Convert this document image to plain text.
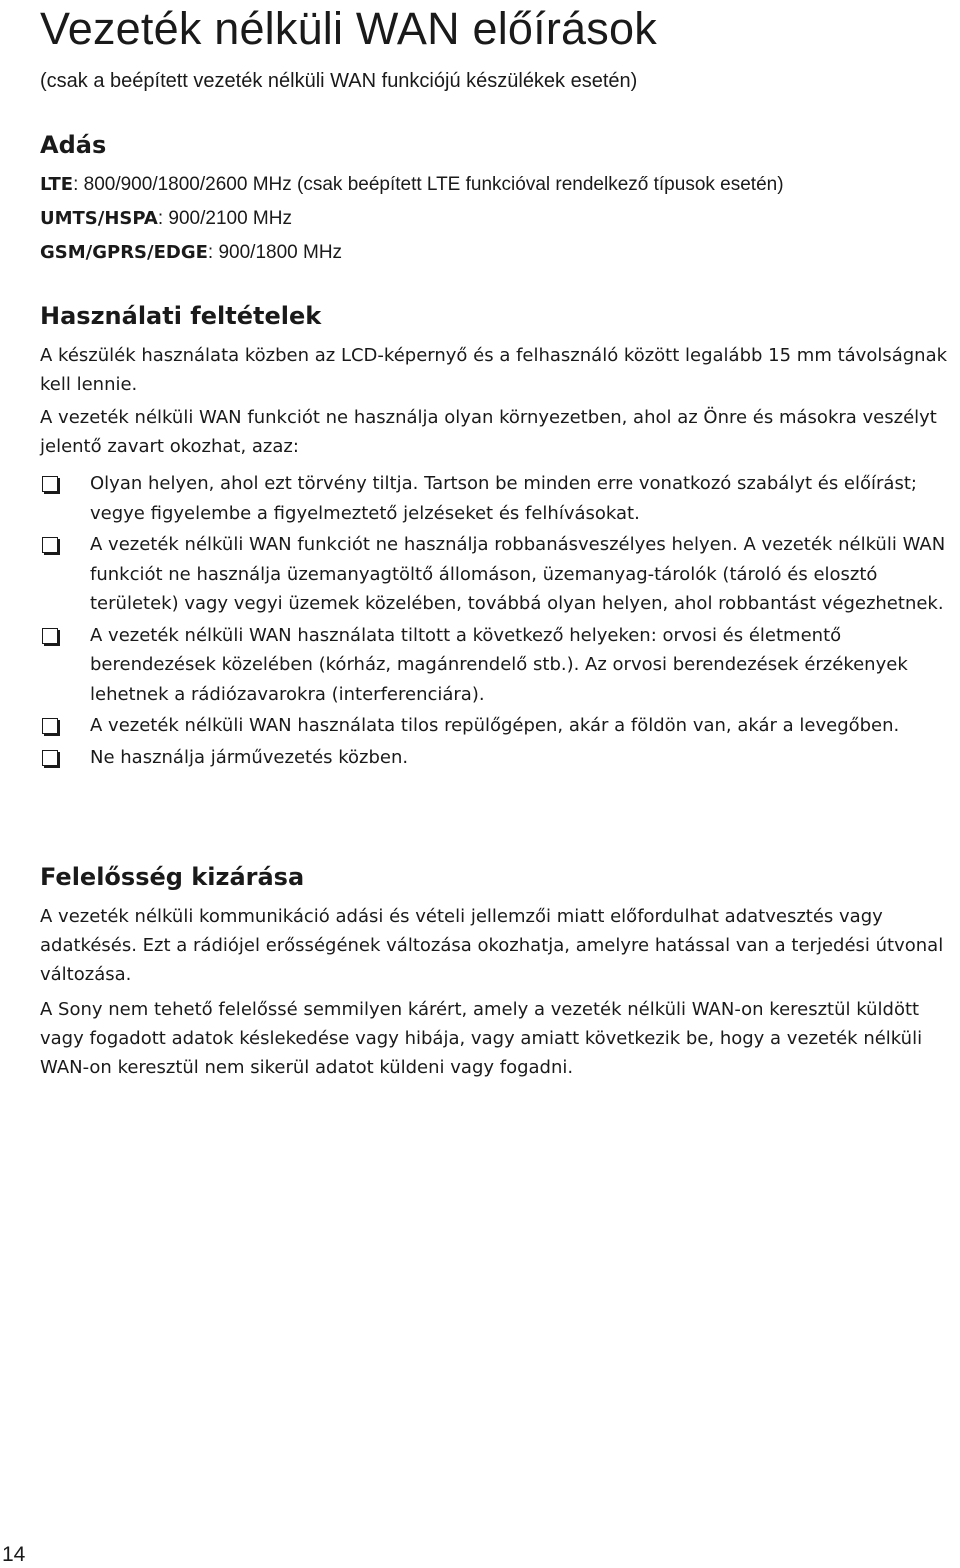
Vezeték nélküli WAN előírások

(csak a beépített vezeték nélküli WAN funkciójú készülékek esetén)

Adás

LTE: 800/900/1800/2600 MHz (csak beépített LTE funkcióval rendelkező típusok esetén)

UMTS/HSPA: 900/2100 MHz

GSM/GPRS/EDGE: 900/1800 MHz

Használati feltételek

A készülék használata közben az LCD-képernyő és a felhasználó között legalább 15 mm távolságnak kell lennie.

A vezeték nélküli WAN funkciót ne használja olyan környezetben, ahol az Önre és másokra veszélyt jelentő zavart okozhat, azaz:

Olyan helyen, ahol ezt törvény tiltja. Tartson be minden erre vonatkozó szabályt és előírást; vegye figyelembe a figyelmeztető jelzéseket és felhívásokat.
A vezeték nélküli WAN funkciót ne használja robbanásveszélyes helyen. A vezeték nélküli WAN funkciót ne használja üzemanyagtöltő állomáson, üzemanyag-tárolók (tároló és elosztó területek) vagy vegyi üzemek közelében, továbbá olyan helyen, ahol robbantást végezhetnek.
A vezeték nélküli WAN használata tiltott a következő helyeken: orvosi és életmentő berendezések közelében (kórház, magánrendelő stb.). Az orvosi berendezések érzékenyek lehetnek a rádiózavarokra (interferenciára).
A vezeték nélküli WAN használata tilos repülőgépen, akár a földön van, akár a levegőben.
Ne használja járművezetés közben.
Felelősség kizárása

A vezeték nélküli kommunikáció adási és vételi jellemzői miatt előfordulhat adatvesztés vagy adatkésés. Ezt a rádiójel erősségének változása okozhatja, amelyre hatással van a terjedési útvonal változása.

A Sony nem tehető felelőssé semmilyen kárért, amely a vezeték nélküli WAN-on keresztül küldött vagy fogadott adatok késlekedése vagy hibája, vagy amiatt következik be, hogy a vezeték nélküli WAN-on keresztül nem sikerül adatot küldeni vagy fogadni.

14
